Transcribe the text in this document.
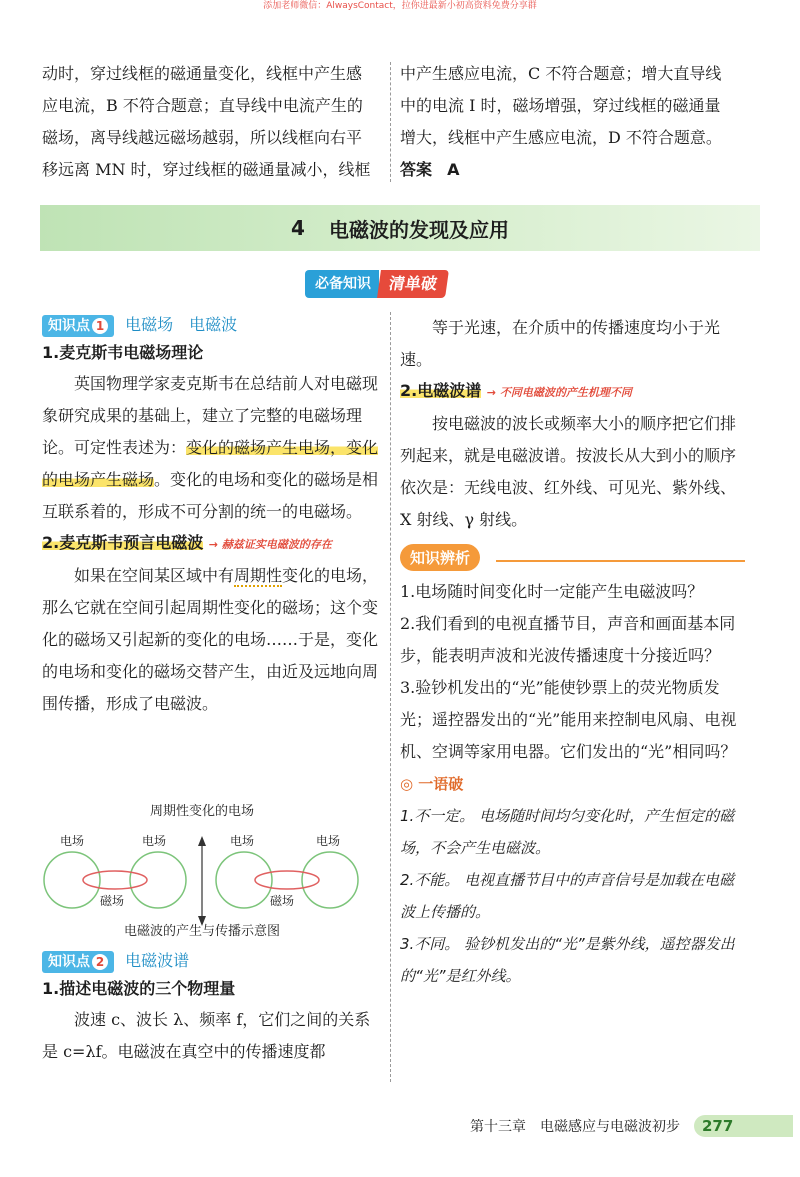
添加老师微信：AlwaysContact，拉你进最新小初高资料免费分享群

动时，穿过线框的磁通量变化，线框中产生感

应电流，B 不符合题意；直导线中电流产生的

磁场，离导线越远磁场越弱，所以线框向右平

移远离 MN 时，穿过线框的磁通量减小，线框

中产生感应电流，C 不符合题意；增大直导线

中的电流 I 时，磁场增强，穿过线框的磁通量

增大，线框中产生感应电流，D 不符合题意。

答案 A

4 电磁波的发现及应用
必备知识	清单破
知识点 1 电磁场　电磁波

1.麦克斯韦电磁场理论

英国物理学家麦克斯韦在总结前人对电磁现象研究成果的基础上，建立了完整的电磁场理论。可定性表述为：变化的磁场产生电场，变化的电场产生磁场。变化的电场和变化的磁场是相互联系着的，形成不可分割的统一的电磁场。

2.麦克斯韦预言电磁波 → 赫兹证实电磁波的存在

如果在空间某区域中有周期性变化的电场，那么它就在空间引起周期性变化的磁场；这个变化的磁场又引起新的变化的电场……于是，变化的电场和变化的磁场交替产生，由近及远地向周围传播，形成了电磁波。

周期性变化的电场
电场	电场	电场	电场
磁场	磁场
电磁波的产生与传播示意图
知识点 2 电磁波谱

1.描述电磁波的三个物理量

波速 c、波长 λ、频率 f，它们之间的关系是 c=λf。电磁波在真空中的传播速度都

等于光速，在介质中的传播速度均小于光速。

2.电磁波谱 → 不同电磁波的产生机理不同

按电磁波的波长或频率大小的顺序把它们排列起来，就是电磁波谱。按波长从大到小的顺序依次是：无线电波、红外线、可见光、紫外线、X 射线、γ 射线。

知识辨析

1.电场随时间变化时一定能产生电磁波吗？

2.我们看到的电视直播节目，声音和画面基本同步，能表明声波和光波传播速度十分接近吗？

3.验钞机发出的“光”能使钞票上的荧光物质发光；遥控器发出的“光”能用来控制电风扇、电视机、空调等家用电器。它们发出的“光”相同吗？

◎ 一语破

1.不一定。 电场随时间均匀变化时，产生恒定的磁场，不会产生电磁波。

2.不能。 电视直播节目中的声音信号是加载在电磁波上传播的。

3.不同。 验钞机发出的“光”是紫外线，遥控器发出的“光”是红外线。

第十三章　电磁感应与电磁波初步	277
